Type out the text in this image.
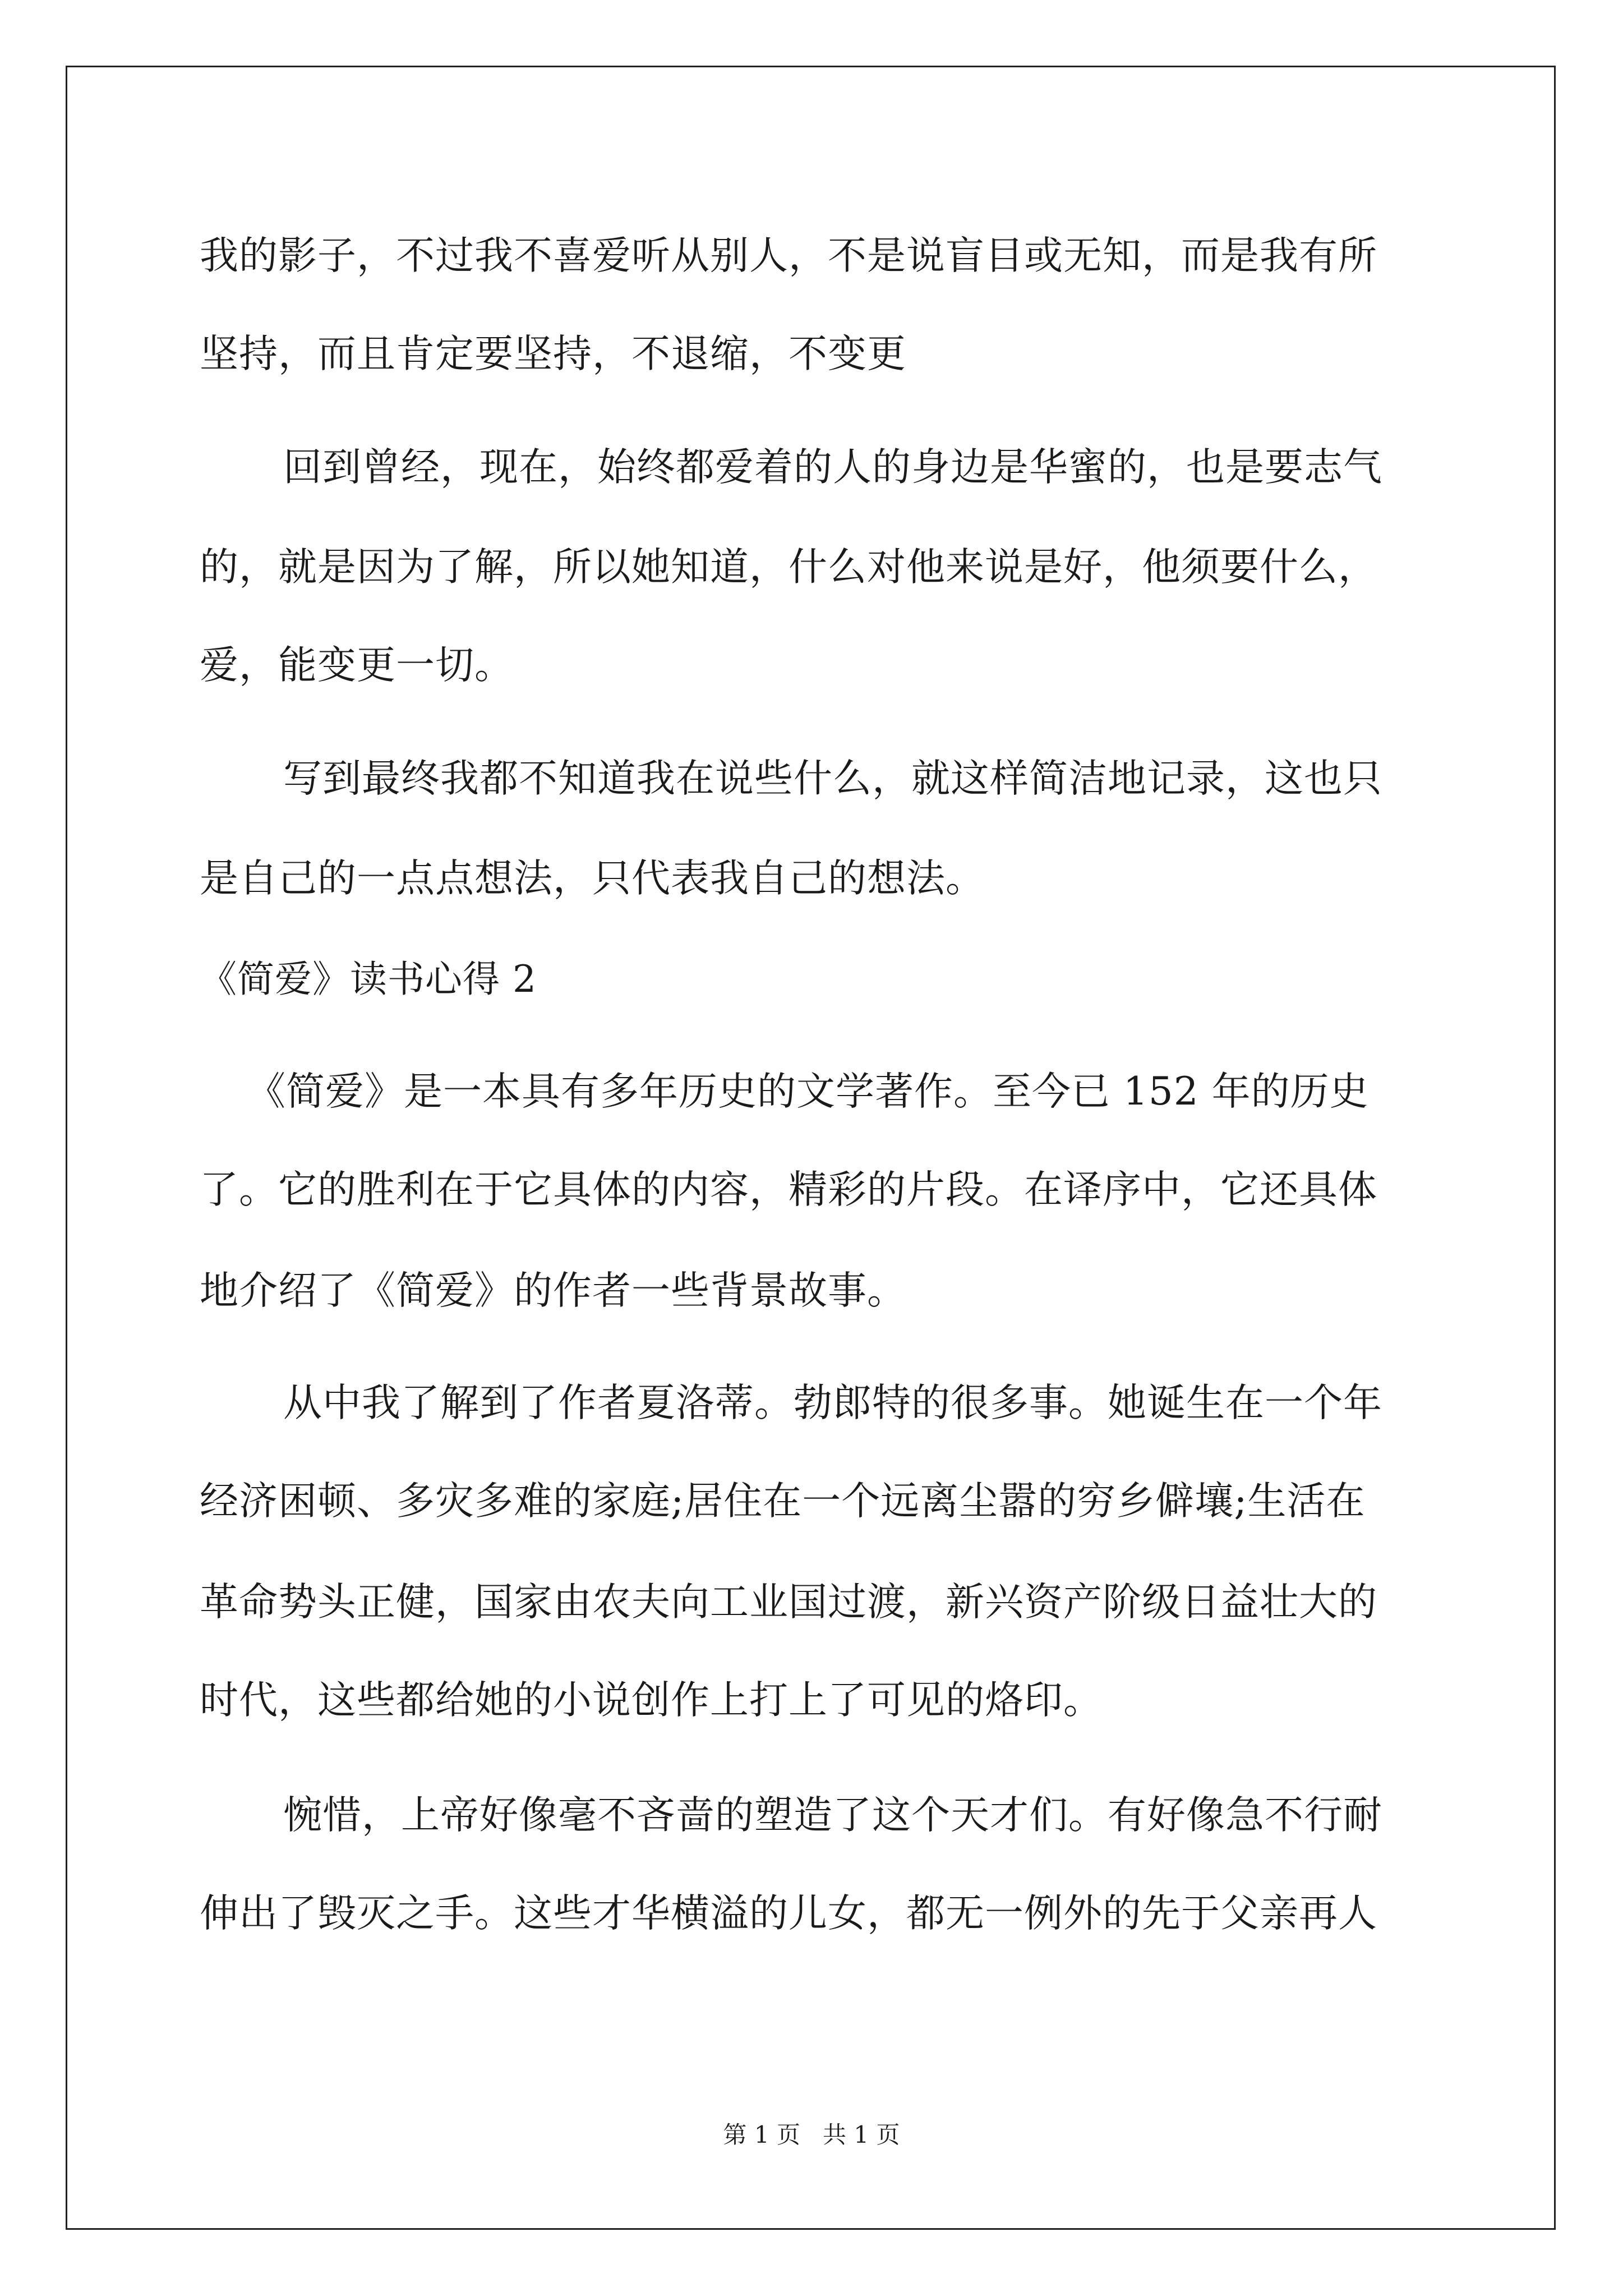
我的影子，不过我不喜爱听从别人，不是说盲目或无知，而是我有所

坚持，而且肯定要坚持，不退缩，不变更

回到曾经，现在，始终都爱着的人的身边是华蜜的，也是要志气

的，就是因为了解，所以她知道，什么对他来说是好，他须要什么，

爱，能变更一切。

写到最终我都不知道我在说些什么，就这样简洁地记录，这也只

是自己的一点点想法，只代表我自己的想法。

《简爱》读书心得 2

《简爱》是一本具有多年历史的文学著作。至今已 152 年的历史

了。它的胜利在于它具体的内容，精彩的片段。在译序中，它还具体

地介绍了《简爱》的作者一些背景故事。

从中我了解到了作者夏洛蒂。勃郎特的很多事。她诞生在一个年

经济困顿、多灾多难的家庭;居住在一个远离尘嚣的穷乡僻壤;生活在

革命势头正健，国家由农夫向工业国过渡，新兴资产阶级日益壮大的

时代，这些都给她的小说创作上打上了可见的烙印。

惋惜，上帝好像毫不吝啬的塑造了这个天才们。有好像急不行耐

伸出了毁灭之手。这些才华横溢的儿女，都无一例外的先于父亲再人

第 1 页   共 1 页
